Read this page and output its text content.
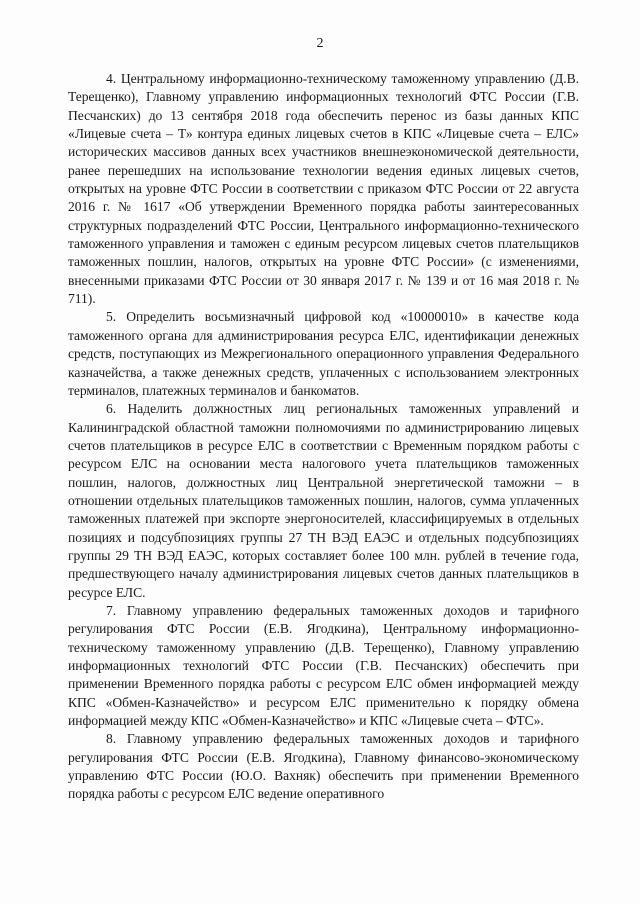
2

4. Центральному информационно-техническому таможенному управлению (Д.В. Терещенко), Главному управлению информационных технологий ФТС России (Г.В. Песчанских) до 13 сентября 2018 года обеспечить перенос из базы данных КПС «Лицевые счета – Т» контура единых лицевых счетов в КПС «Лицевые счета – ЕЛС» исторических массивов данных всех участников внешнеэкономической деятельности, ранее перешедших на использование технологии ведения единых лицевых счетов, открытых на уровне ФТС России в соответствии с приказом ФТС России от 22 августа 2016 г. № 1617 «Об утверждении Временного порядка работы заинтересованных структурных подразделений ФТС России, Центрального информационно-технического таможенного управления и таможен с единым ресурсом лицевых счетов плательщиков таможенных пошлин, налогов, открытых на уровне ФТС России» (с изменениями, внесенными приказами ФТС России от 30 января 2017 г. № 139 и от 16 мая 2018 г. № 711).

5. Определить восьмизначный цифровой код «10000010» в качестве кода таможенного органа для администрирования ресурса ЕЛС, идентификации денежных средств, поступающих из Межрегионального операционного управления Федерального казначейства, а также денежных средств, уплаченных с использованием электронных терминалов, платежных терминалов и банкоматов.

6. Наделить должностных лиц региональных таможенных управлений и Калининградской областной таможни полномочиями по администрированию лицевых счетов плательщиков в ресурсе ЕЛС в соответствии с Временным порядком работы с ресурсом ЕЛС на основании места налогового учета плательщиков таможенных пошлин, налогов, должностных лиц Центральной энергетической таможни – в отношении отдельных плательщиков таможенных пошлин, налогов, сумма уплаченных таможенных платежей при экспорте энергоносителей, классифицируемых в отдельных позициях и подсубпозициях группы 27 ТН ВЭД ЕАЭС и отдельных подсубпозициях группы 29 ТН ВЭД ЕАЭС, которых составляет более 100 млн. рублей в течение года, предшествующего началу администрирования лицевых счетов данных плательщиков в ресурсе ЕЛС.

7. Главному управлению федеральных таможенных доходов и тарифного регулирования ФТС России (Е.В. Ягодкина), Центральному информационно-техническому таможенному управлению (Д.В. Терещенко), Главному управлению информационных технологий ФТС России (Г.В. Песчанских) обеспечить при применении Временного порядка работы с ресурсом ЕЛС обмен информацией между КПС «Обмен-Казначейство» и ресурсом ЕЛС применительно к порядку обмена информацией между КПС «Обмен-Казначейство» и КПС «Лицевые счета – ФТС».

8. Главному управлению федеральных таможенных доходов и тарифного регулирования ФТС России (Е.В. Ягодкина), Главному финансово-экономическому управлению ФТС России (Ю.О. Вахняк) обеспечить при применении Временного порядка работы с ресурсом ЕЛС ведение оперативного
